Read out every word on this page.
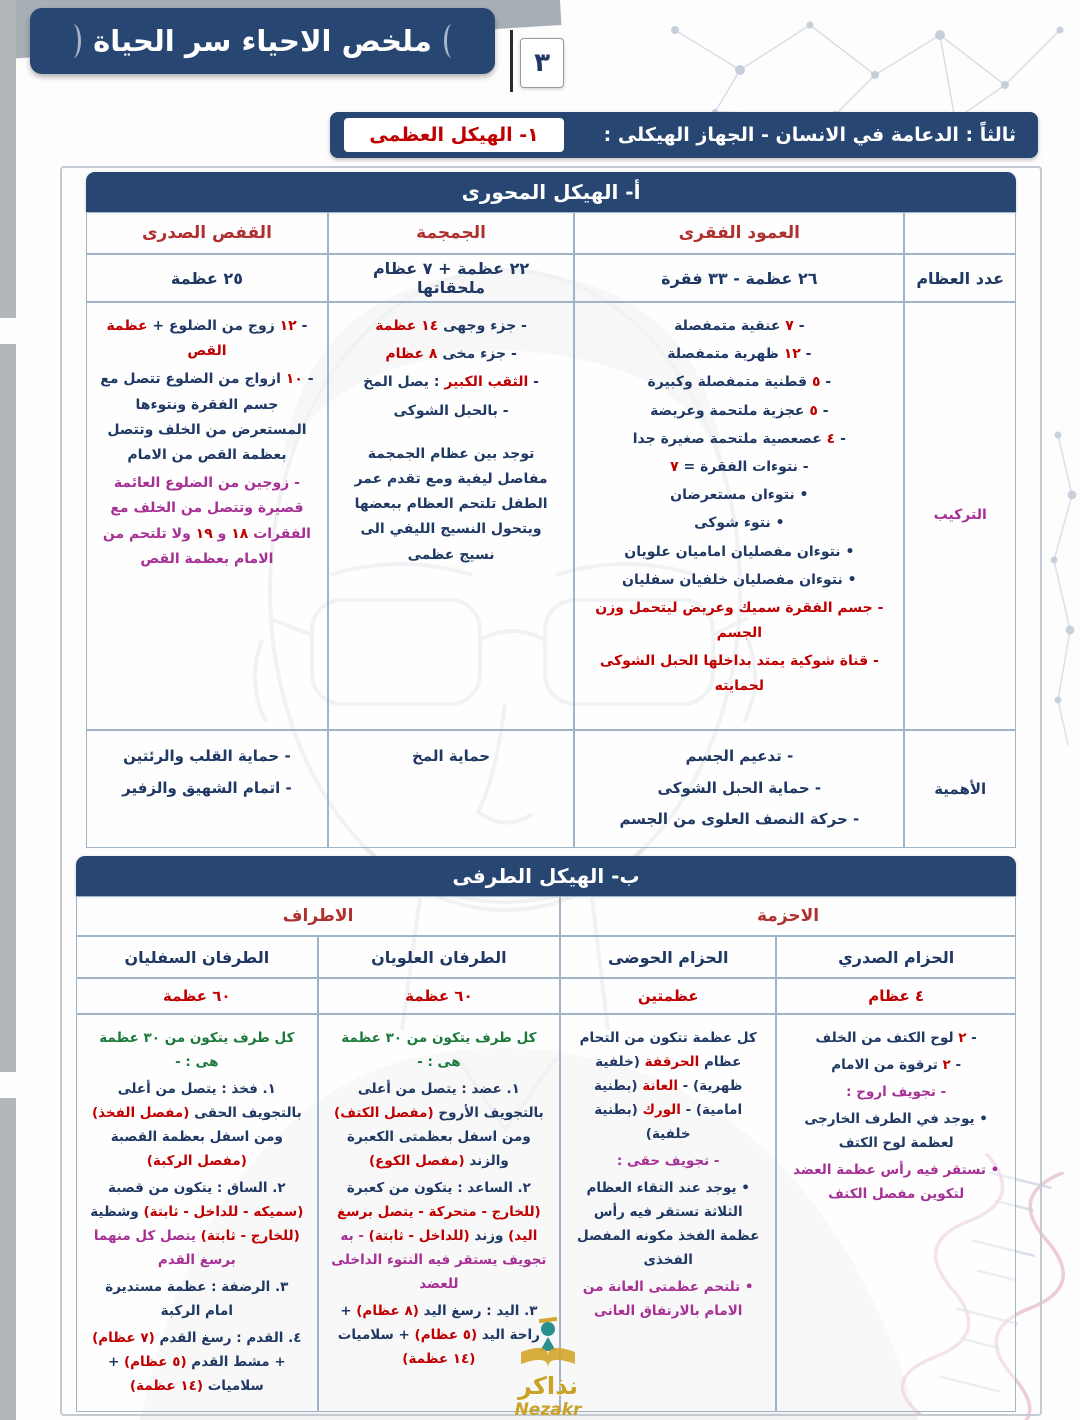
ملخص الاحياء سر الحياة
٣
ثالثاً : الدعامة في الانسان - الجهاز الهيكلى :
١- الهيكل العظمى
أ- الهيكل المحورى
العمود الفقرى
الجمجمة
القفص الصدرى
عدد العظام
٢٦ عظمة - ٣٣ فقرة
٢٢ عظمة + ٧ عظام ملحقاتها
٢٥ عظمة
التركيب
- ٧ عنقية متمفصلة
- ١٢ ظهرية متمفصلة
- ٥ قطنية متمفصلة وكبيرة
- ٥ عجزية ملتحمة وعريضة
- ٤ عصعصية ملتحمة صغيرة جدا
- نتوءات الفقرة = ٧
• نتوءان مستعرضان
• نتوء شوكى
• نتوءان مفصليان اماميان علويان
• نتوءان مفصليان خلفيان سفليان
- جسم الفقرة سميك وعريض ليتحمل وزن الجسم
- قناة شوكية يمتد بداخلها الحبل الشوكى لحمايته
- جزء وجهى ١٤ عظمة
- جزء مخى ٨ عظام
- الثقب الكبير : يصل المخ
- بالحبل الشوكى
توجد بين عظام الجمجمة مفاصل ليفية ومع تقدم عمر الطفل تلتحم العظام ببعضها ويتحول النسيج الليفي الى نسيج عظمى
- ١٢ زوج من الضلوع + عظمة القص
- ١٠ ازواج من الضلوع تتصل مع جسم الفقرة ونتوءها المستعرض من الخلف وتتصل بعظمة القص من الامام
- زوجين من الضلوع العائمة قصيرة وتتصل من الخلف مع الفقرات ١٨ و ١٩ ولا تلتحم من الامام بعظمة القص
الأهمية
- تدعيم الجسم
- حماية الحبل الشوكى
- حركة النصف العلوى من الجسم
حماية المخ
- حماية القلب والرئتين
- اتمام الشهيق والزفير
ب- الهيكل الطرفى
الاحزمة
الاطراف
الحزام الصدري
الحزام الحوضى
الطرفان العلويان
الطرفان السفليان
٤ عظام
عظمتين
٦٠ عظمة
٦٠ عظمة
- ٢ لوح الكتف من الخلف
- ٢ ترقوة من الامام
- تجويف اروح :
• يوجد في الطرف الخارجى لعظمة لوح الكتف
• تستقر فيه رأس عظمة العضد لتكوين مفصل الكتف
كل عظمة تتكون من التحام عظام الحرقفة (خلفية ظهرية) - العانة (بطنية امامية) - الورك (بطنية خلفية)
- تجويف حقى :
• يوجد عند التقاء العظام الثلاثة تستقر فيه رأس عظمة الفخذ مكونه المفصل الفخذى
• تلتحم عظمتى العانة من الامام بالارتفاق العانى
كل طرف يتكون من ٣٠ عظمة هى : -
١. عضد : يتصل من أعلى بالتجويف الأروح (مفصل الكتف) ومن اسفل بعظمتى الكعبرة والزند (مفصل الكوع)
٢. الساعد : يتكون من كعبرة (للخارج - متحركة - يتصل برسغ اليد) وزند (للداخل - ثابتة) - به تجويف يستقر فيه النتوء الداخلى للعضد
٣. اليد : رسغ اليد (٨ عظام) + راحة اليد (٥ عظام) + سلاميات (١٤ عظمة)
كل طرف يتكون من ٣٠ عظمة هى : -
١. فخذ : يتصل من أعلى بالتجويف الحقى (مفصل الفخذ) ومن اسفل بعظمة القصبة (مفصل الركبة)
٢. الساق : يتكون من قصبة (سميكه - للداخل - ثابتة) وشظية (للخارج - ثابتة) يتصل كل منهما برسغ القدم
٣. الرضفة : عظمة مستديرة امام الركبة
٤. القدم : رسغ القدم (٧ عظام) + مشط القدم (٥ عظام) + سلاميات (١٤ عظمة)	نذاكر
Nezakr
